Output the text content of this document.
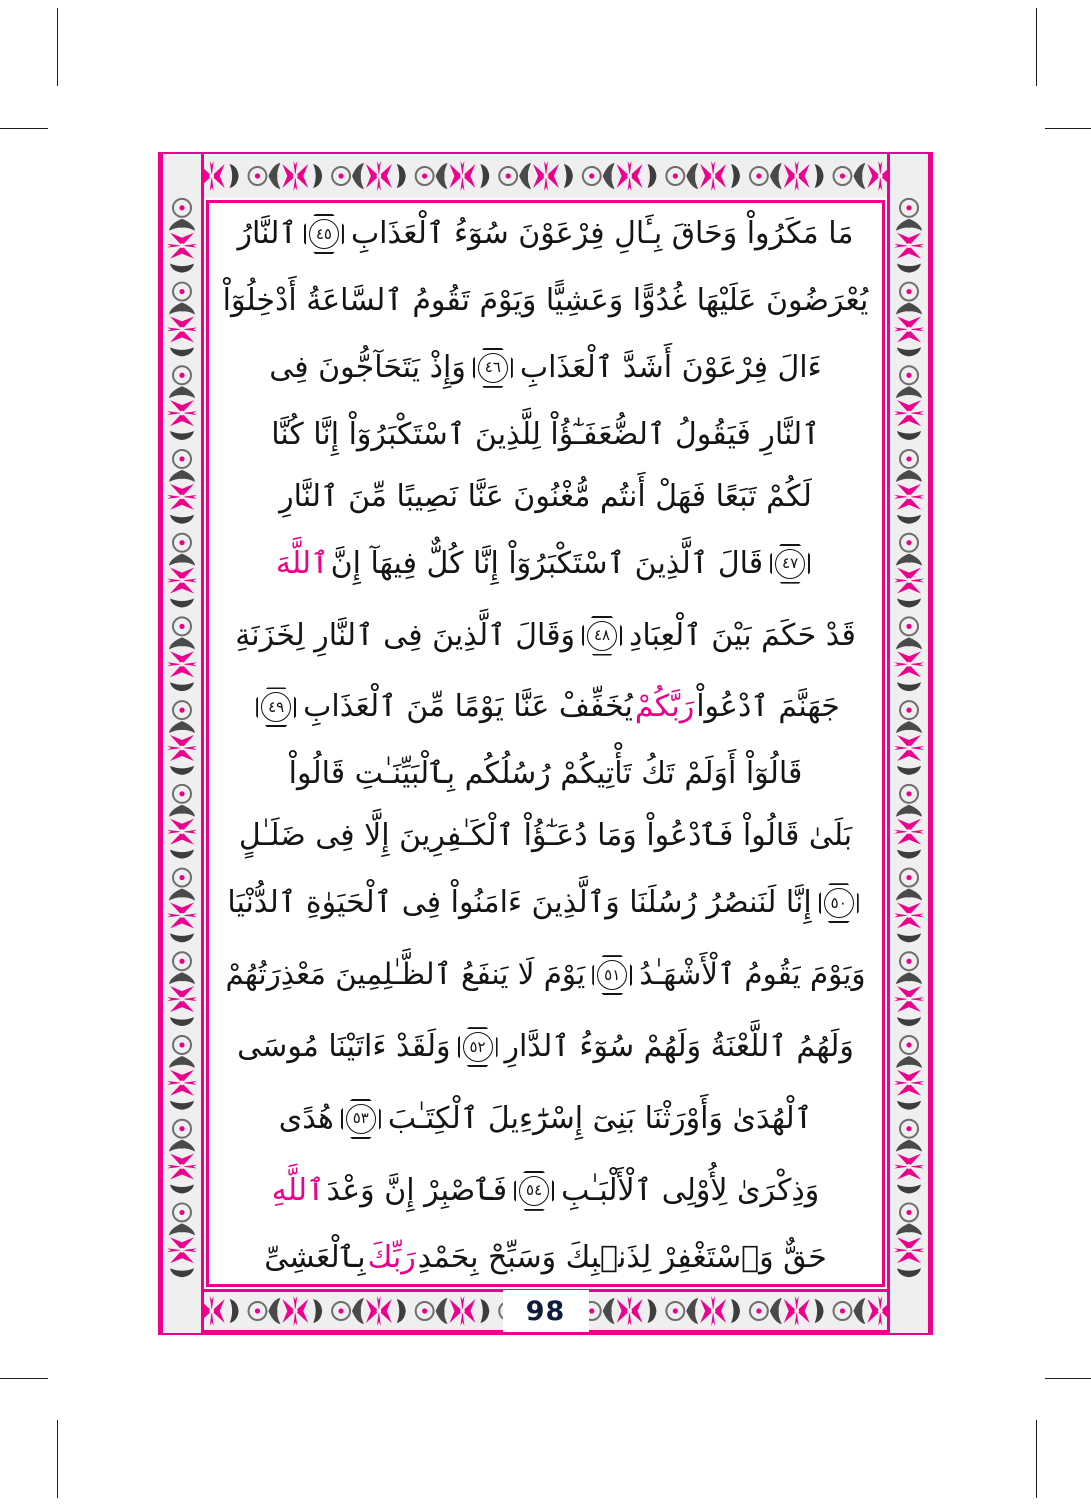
مَا مَكَرُواْ وَحَاقَ بِـَٔالِ فِرْعَوْنَ سُوٓءُ ٱلْعَذَابِ
٤٥
ٱلنَّارُ
يُعْرَضُونَ عَلَيْهَا غُدُوًّا وَعَشِيًّا وَيَوْمَ تَقُومُ ٱلسَّاعَةُ أَدْخِلُوٓاْ
ءَالَ فِرْعَوْنَ أَشَدَّ ٱلْعَذَابِ
٤٦
وَإِذْ يَتَحَآجُّونَ فِى
ٱلنَّارِ فَيَقُولُ ٱلضُّعَفَـٰٓؤُاْ لِلَّذِينَ ٱسْتَكْبَرُوٓاْ إِنَّا كُنَّا
لَكُمْ تَبَعًا فَهَلْ أَنتُم مُّغْنُونَ عَنَّا نَصِيبًا مِّنَ ٱلنَّارِ
٤٧
قَالَ ٱلَّذِينَ ٱسْتَكْبَرُوٓاْ إِنَّا كُلٌّ فِيهَآ إِنَّ
ٱللَّهَ
قَدْ حَكَمَ بَيْنَ ٱلْعِبَادِ
٤٨
وَقَالَ ٱلَّذِينَ فِى ٱلنَّارِ لِخَزَنَةِ
جَهَنَّمَ ٱدْعُواْ
رَبَّكُمْ
يُخَفِّفْ عَنَّا يَوْمًا مِّنَ ٱلْعَذَابِ
٤٩
قَالُوٓاْ أَوَلَمْ تَكُ تَأْتِيكُمْ رُسُلُكُم بِٱلْبَيِّنَـٰتِ قَالُواْ
بَلَىٰ قَالُواْ فَٱدْعُواْ وَمَا دُعَـٰٓؤُاْ ٱلْكَـٰفِرِينَ إِلَّا فِى ضَلَـٰلٍ
٥٠
إِنَّا لَنَنصُرُ رُسُلَنَا وَٱلَّذِينَ ءَامَنُواْ فِى ٱلْحَيَوٰةِ ٱلدُّنْيَا
وَيَوْمَ يَقُومُ ٱلْأَشْهَـٰدُ
٥١
يَوْمَ لَا يَنفَعُ ٱلظَّـٰلِمِينَ مَعْذِرَتُهُمْ
وَلَهُمُ ٱللَّعْنَةُ وَلَهُمْ سُوٓءُ ٱلدَّارِ
٥٢
وَلَقَدْ ءَاتَيْنَا مُوسَى
ٱلْهُدَىٰ وَأَوْرَثْنَا بَنِىٓ إِسْرَٰٓءِيلَ ٱلْكِتَـٰبَ
٥٣
هُدًى
وَذِكْرَىٰ لِأُوْلِى ٱلْأَلْبَـٰبِ
٥٤
فَٱصْبِرْ إِنَّ وَعْدَ
ٱللَّهِ
حَقٌّ وَٱسْتَغْفِرْ لِذَنۢبِكَ وَسَبِّحْ بِحَمْدِ
رَبِّكَ
بِٱلْعَشِىِّ
98
